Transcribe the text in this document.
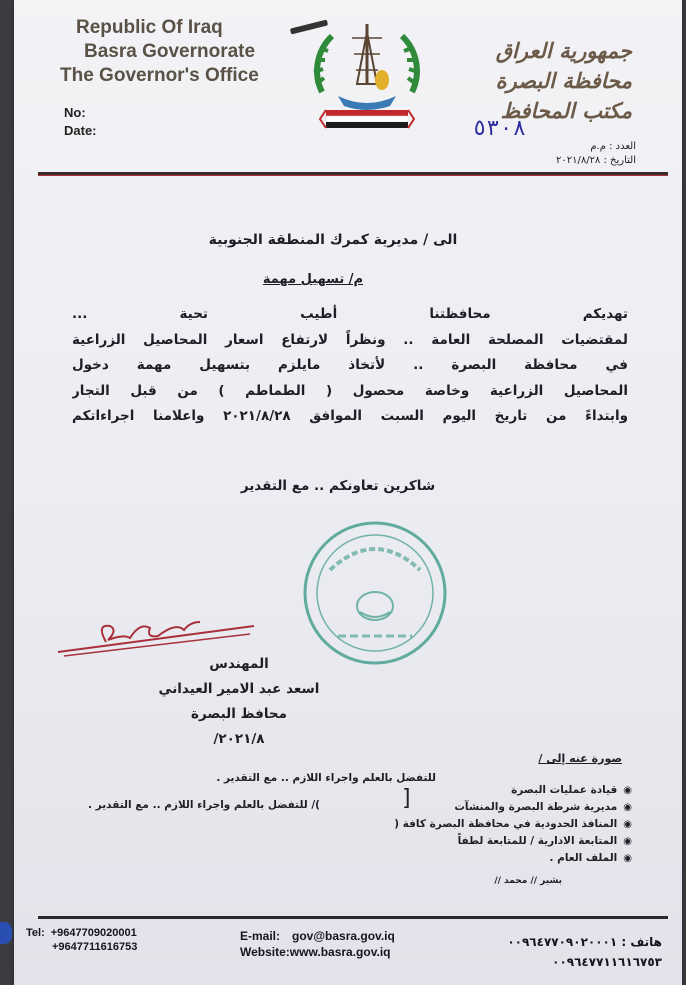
Republic Of Iraq
Basra Governorate
The Governor's Office
No:
Date:
جمهورية العراق
محافظة البصرة
مكتب المحافظ
٥٣٠٨
العدد : م.م
التاريخ : ٢٠٢١/٨/٢٨
الى / مديرية كمرك المنطقة الجنوبية
م/ تسهيل مهمة
تهديكم محافظتنا أطيب تحية ...
لمقتضيات المصلحة العامة .. ونظراً لارتفاع اسعار المحاصيل الزراعية
في محافظة البصرة .. لأتخاذ مايلزم بتسهيل مهمة دخول
المحاصيل الزراعية وخاصة محصول ( الطماطم ) من قبل التجار
وابتداءً من تاريخ اليوم السبت الموافق ٢٠٢١/٨/٢٨ واعلامنا اجراءاتكم
شاكرين تعاونكم .. مع التقدير
المهندس
اسعد عبد الامير العيداني
محافظ البصرة
٢٠٢١/٨/
صورة عنه إلى /
للتفضل بالعلم واجراء اللازم .. مع التقدير .
]
)/ للتفضل بالعلم واجراء اللازم .. مع التقدير .
◉ قيادة عمليات البصرة
◉ مديرية شرطة البصرة والمنشآت
◉ المنافذ الحدودية في محافظة البصرة كافة (
◉ المتابعة الادارية / للمتابعة لطفاً
◉ الملف العام .
بشير // محمد //
Tel: +9647709020001
+9647711616753
E-mail: gov@basra.gov.iq
Website:www.basra.gov.iq
هاتف : ٠٠٩٦٤٧٧٠٩٠٢٠٠٠١
٠٠٩٦٤٧٧١١٦١٦٧٥٣
